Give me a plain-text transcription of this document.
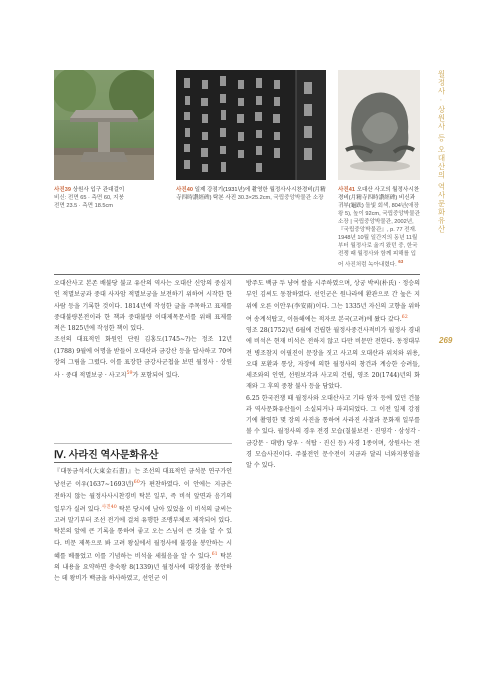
사진39 상원사 입구 관대걸이
비신: 전면 65 · 측면 60, 지붕
전면 23.5 · 측면 18.5cm
사진40 일제 강점기(1931년)에 촬영한 월정사사시찬경비(月精寺四時讚經碑) 탁본 사진 30.3×25.2cm, 국립중앙박물관 소장
사진41 오대산 사고의 월정사시찬경비(月精寺四時讚經碑) 비신과 귀부(龜趺) 돌빛 회색, 804년(애장왕 5), 높이 92cm, 국립중앙박물관 소장 | 국립중앙박물관, 2002년,『국립중앙박물관』, p. 77 전재. 1948년 10월 일간지의 동년 11월부터 월정사로 옮겨 왔던 중, 한국전쟁 때 월정사와 함께 피해를 입어 사진처럼 녹아내렸다. $^{63}$
월정사 · 상원사 등 오대산의 역사문화유산
269

오대산사고 본존 배불당 불교 유산의 역사는 오대산 신앙의 중심지인 적멸보궁과 중대 사자암 적멸보궁을 보전하기 위하여 시작한 한 사람 등을 기록한 것이다. 1814년에 작성한 글을 주목하고 표제를 중대불량본전이라 한 책과 중대불량 이대제목문서를 위해 표제를 적은 1825년에 작성한 책이 있다.

조선의 대표적인 화원인 단원 김홍도(1745~?)는 정조 12년(1788) 9월에 어명을 받들어 오대산과 금강산 등을 답사하고 70여 장의 그림을 그렸다. 이를 표장한 금강사군첩을 보면 월정사 · 상원사 · 중대 적멸보궁 · 사고지$^{59}$가 포함되어 있다.

Ⅳ. 사라진 역사문화유산

『대동금석서(大東金石書)』는 조선의 대표적인 금석문 연구가인 낭선군 이우(1637~1693년)$^{60}$가 편찬하였다. 이 안에는 지금은 전하지 않는 월정사사시찬경비 탁본 일부, 즉 비석 앞면과 음기의 일부가 실려 있다.$^{사진40}$ 탁본 당시에 남아 있었을 이 비석의 글씨는 고려 말기부터 조선 전기에 걸쳐 유행한 조맹부체로 제작되어 있다. 탁본의 앞에 큰 기록을 통하여 좋고 오는 스님이 큰 것을 알 수 있다. 비문 제목으로 봐 고려 왕실에서 월정사에 불경을 봉안하는 시혜를 베풀었고 이를 기념하는 비석을 세웠음을 알 수 있다.$^{61}$ 탁본의 내용을 요약하면 충숙왕 8(1339)년 월정사에 대장경을 봉안하는 데 왕비가 백금을 하사하였고, 선인군 이

방주도 백금 두 냥여 쌀을 시주하였으며, 상궁 박씨(朴氏) · 정승의 부인 김씨도 동참하였다. 선인군은 원나라에 환관으로 간 높은 지위에 오른 이안우(李安雨)이다. 그는 1335년 자신의 고향을 위하여 송계석탑고, 이듬해에는 적자로 본국(고려)에 왔다 갔다.$^{62}$

영조 28(1752)년 6월에 건립한 월정사중건사적비가 월정사 경내에 비석은 현재 비석은 전하지 않고 다만 비문만 전한다. 동정대부 전 병조참지 이필진이 문장을 짓고 사고의 오대산과 위치와 위용, 오대 포환과 통상, 자장에 의한 월정사의 창건과 계승한 승려들, 세조와의 인연, 선원보각과 사고의 건립, 영조 20(1744)년의 화재와 그 후의 중창 불사 등을 담았다.

6.25 한국전쟁 때 월정사와 오대산사고 기타 암자 등에 있던 건물과 역사문화유산들이 소실되거나 파괴되었다. 그 이전 일제 강점기에 촬영한 몇 장의 사진을 통하여 사라진 사찰과 문화재 일부를 볼 수 있다. 월정사의 경우 전경 모습(칠불보전 · 진영각 · 삼성각 · 금강문 · 대방) 당우 · 석탑 · 진신 등) 사경 1종이며, 상원사는 전경 모습사진이다. 주불전인 문수전이 지금과 달리 너와지붕임을 알 수 있다.
